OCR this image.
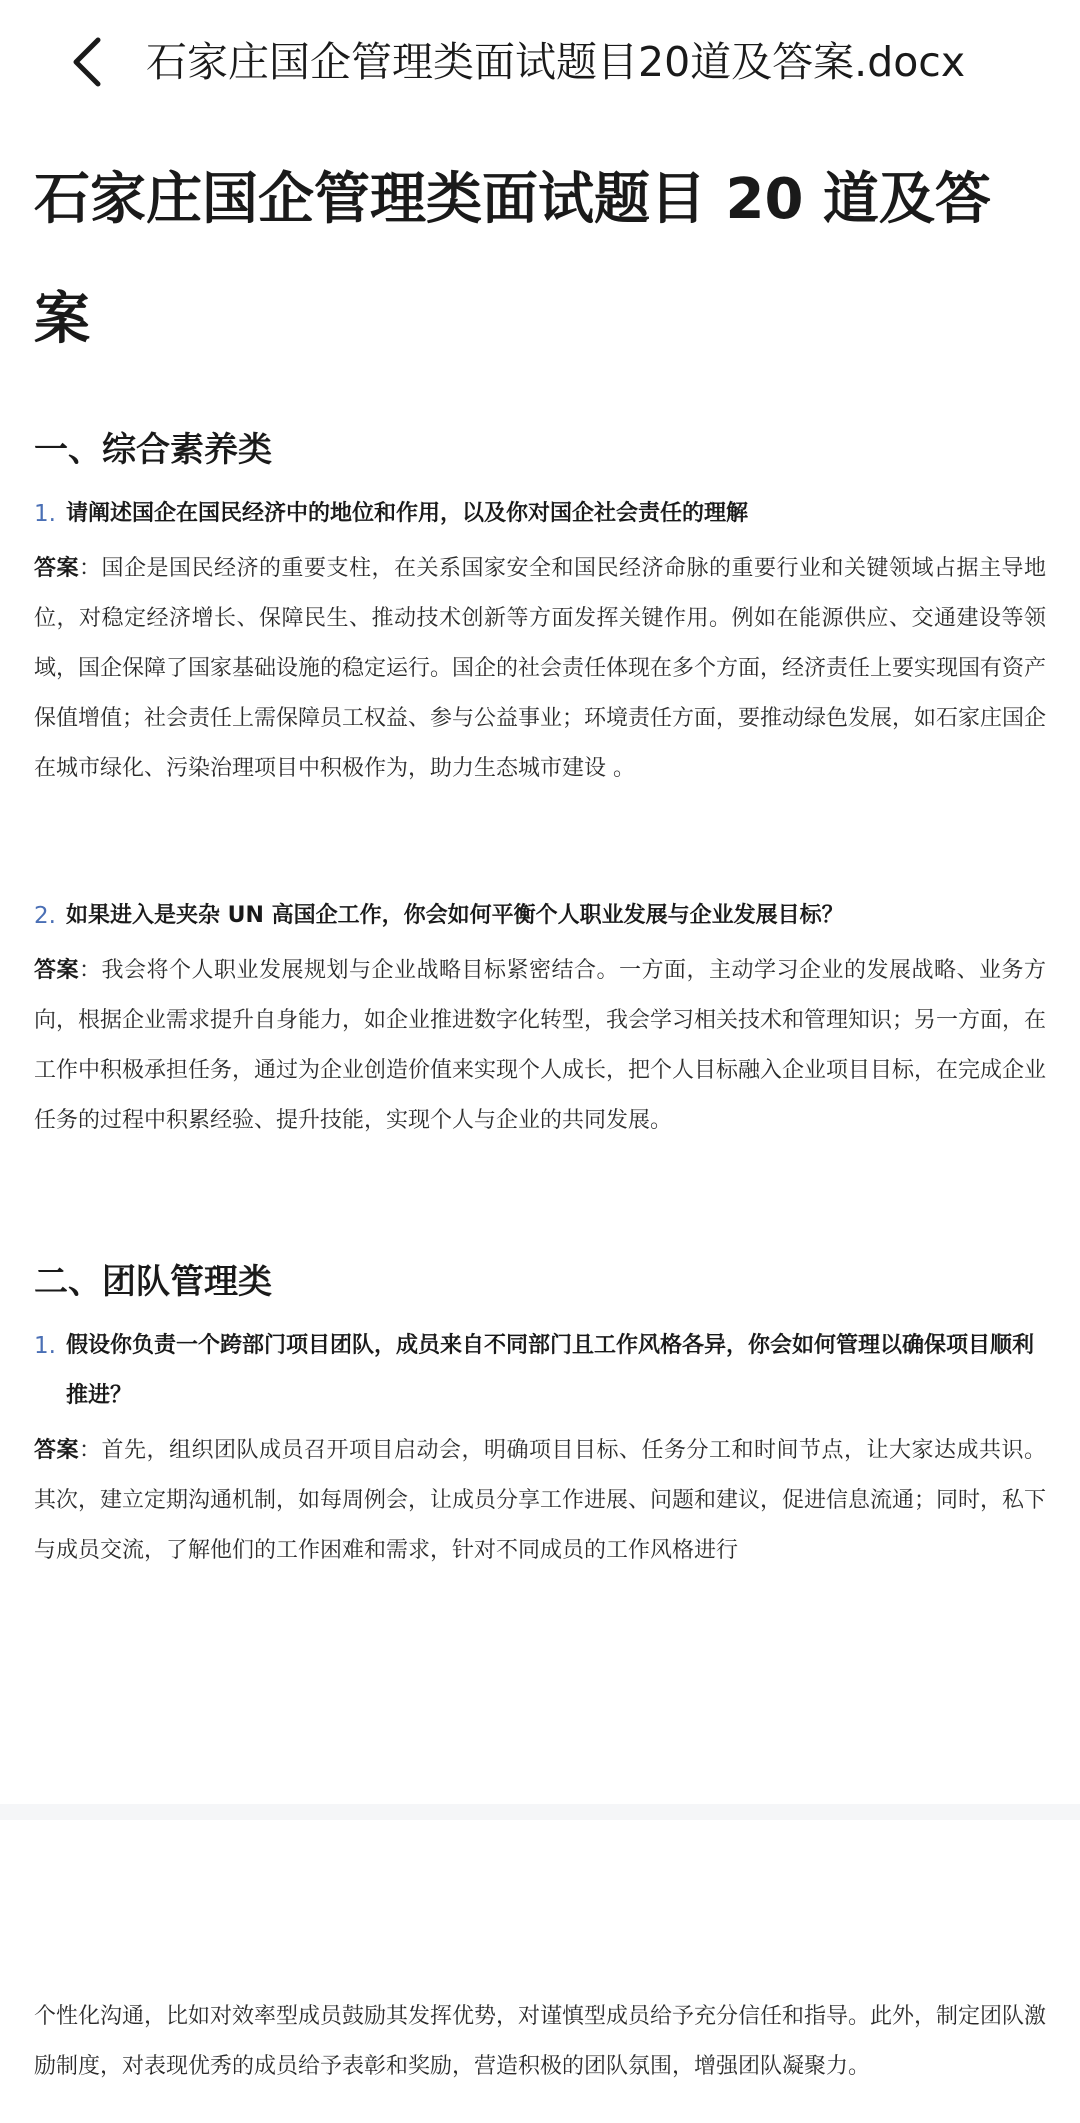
石家庄国企管理类面试题目20道及答案.docx
石家庄国企管理类面试题目 20 道及答案
一、综合素养类
1. 请阐述国企在国民经济中的地位和作用，以及你对国企社会责任的理解
答案：国企是国民经济的重要支柱，在关系国家安全和国民经济命脉的重要行业和关键领域占据主导地位，对稳定经济增长、保障民生、推动技术创新等方面发挥关键作用。例如在能源供应、交通建设等领域，国企保障了国家基础设施的稳定运行。国企的社会责任体现在多个方面，经济责任上要实现国有资产保值增值；社会责任上需保障员工权益、参与公益事业；环境责任方面，要推动绿色发展，如石家庄国企在城市绿化、污染治理项目中积极作为，助力生态城市建设 。
2. 如果进入是夹杂 UN 高国企工作，你会如何平衡个人职业发展与企业发展目标？
答案：我会将个人职业发展规划与企业战略目标紧密结合。一方面，主动学习企业的发展战略、业务方向，根据企业需求提升自身能力，如企业推进数字化转型，我会学习相关技术和管理知识；另一方面，在工作中积极承担任务，通过为企业创造价值来实现个人成长，把个人目标融入企业项目目标，在完成企业任务的过程中积累经验、提升技能，实现个人与企业的共同发展。
二、团队管理类
1. 假设你负责一个跨部门项目团队，成员来自不同部门且工作风格各异，你会如何管理以确保项目顺利推进？
答案：首先，组织团队成员召开项目启动会，明确项目目标、任务分工和时间节点，让大家达成共识。其次，建立定期沟通机制，如每周例会，让成员分享工作进展、问题和建议，促进信息流通；同时，私下与成员交流，了解他们的工作困难和需求，针对不同成员的工作风格进行
个性化沟通，比如对效率型成员鼓励其发挥优势，对谨慎型成员给予充分信任和指导。此外，制定团队激励制度，对表现优秀的成员给予表彰和奖励，营造积极的团队氛围，增强团队凝聚力。
